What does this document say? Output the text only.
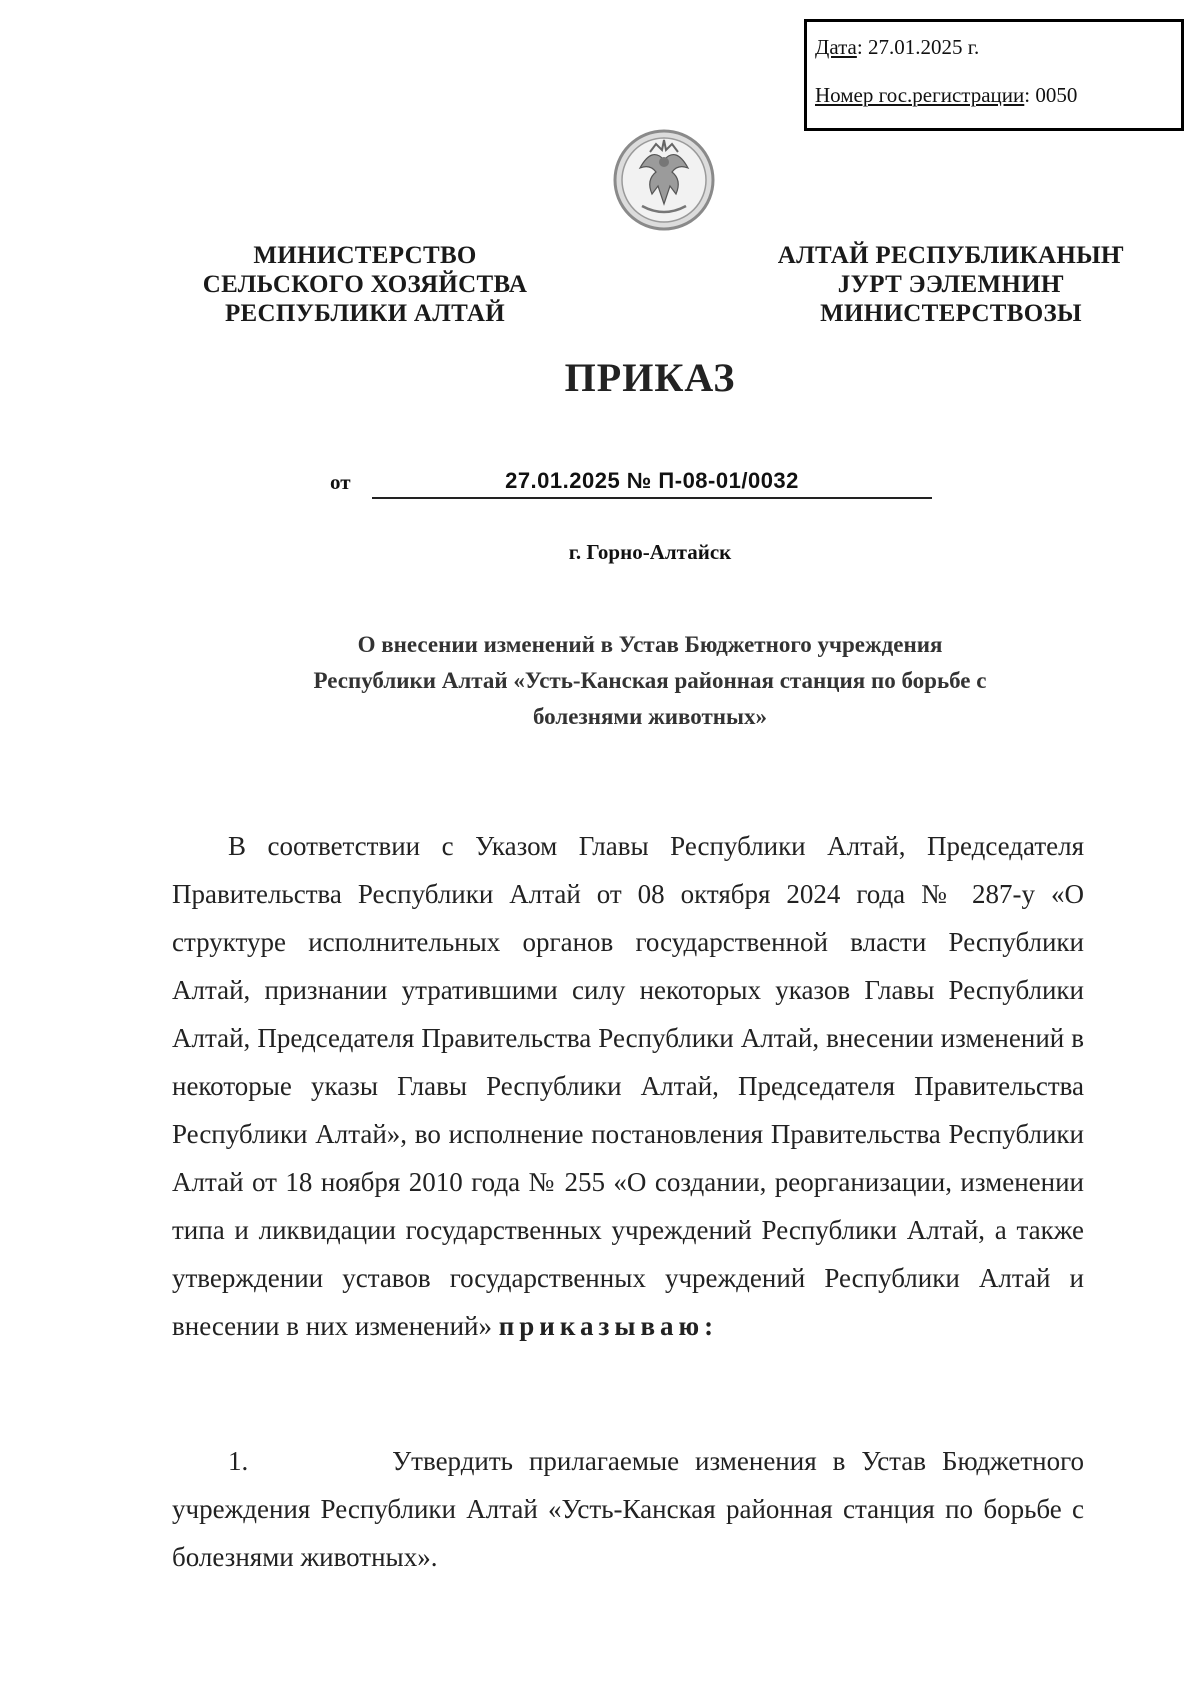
Дата: 27.01.2025 г.
Номер гос.регистрации: 0050
МИНИСТЕРСТВО
СЕЛЬСКОГО ХОЗЯЙСТВА
РЕСПУБЛИКИ АЛТАЙ
АЛТАЙ РЕСПУБЛИКАНЫҤ
ЈУРТ ЭЭЛЕМНИҤ
МИНИСТЕРСТВОЗЫ
ПРИКАЗ
от	27.01.2025 № П-08-01/0032
г. Горно-Алтайск
О внесении изменений в Устав Бюджетного учреждения
Республики Алтай «Усть-Канская районная станция по борьбе с
болезнями животных»
В соответствии с Указом Главы Республики Алтай, Председателя Правительства Республики Алтай от 08 октября 2024 года № 287-у «О структуре исполнительных органов государственной власти Республики Алтай, признании утратившими силу некоторых указов Главы Республики Алтай, Председателя Правительства Республики Алтай, внесении изменений в некоторые указы Главы Республики Алтай, Председателя Правительства Республики Алтай», во исполнение постановления Правительства Республики Алтай от 18 ноября 2010 года № 255 «О создании, реорганизации, изменении типа и ликвидации государственных учреждений Республики Алтай, а также утверждении уставов государственных учреждений Республики Алтай и внесении в них изменений» приказываю:
1.	Утвердить прилагаемые изменения в Устав Бюджетного учреждения Республики Алтай «Усть-Канская районная станция по борьбе с болезнями животных».
